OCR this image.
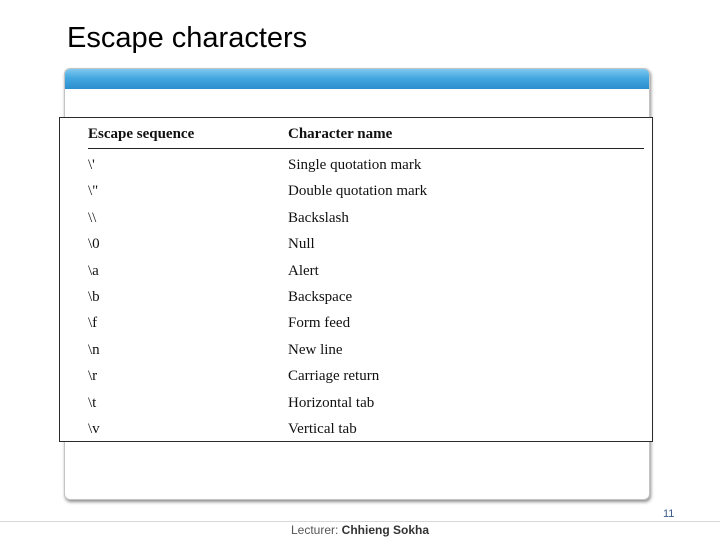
Escape characters
Escape sequence	Character name
\'	Single quotation mark
\"	Double quotation mark
\\	Backslash
\0	Null
\a	Alert
\b	Backspace
\f	Form feed
\n	New line
\r	Carriage return
\t	Horizontal tab
\v	Vertical tab
11
Lecturer: Chhieng Sokha
